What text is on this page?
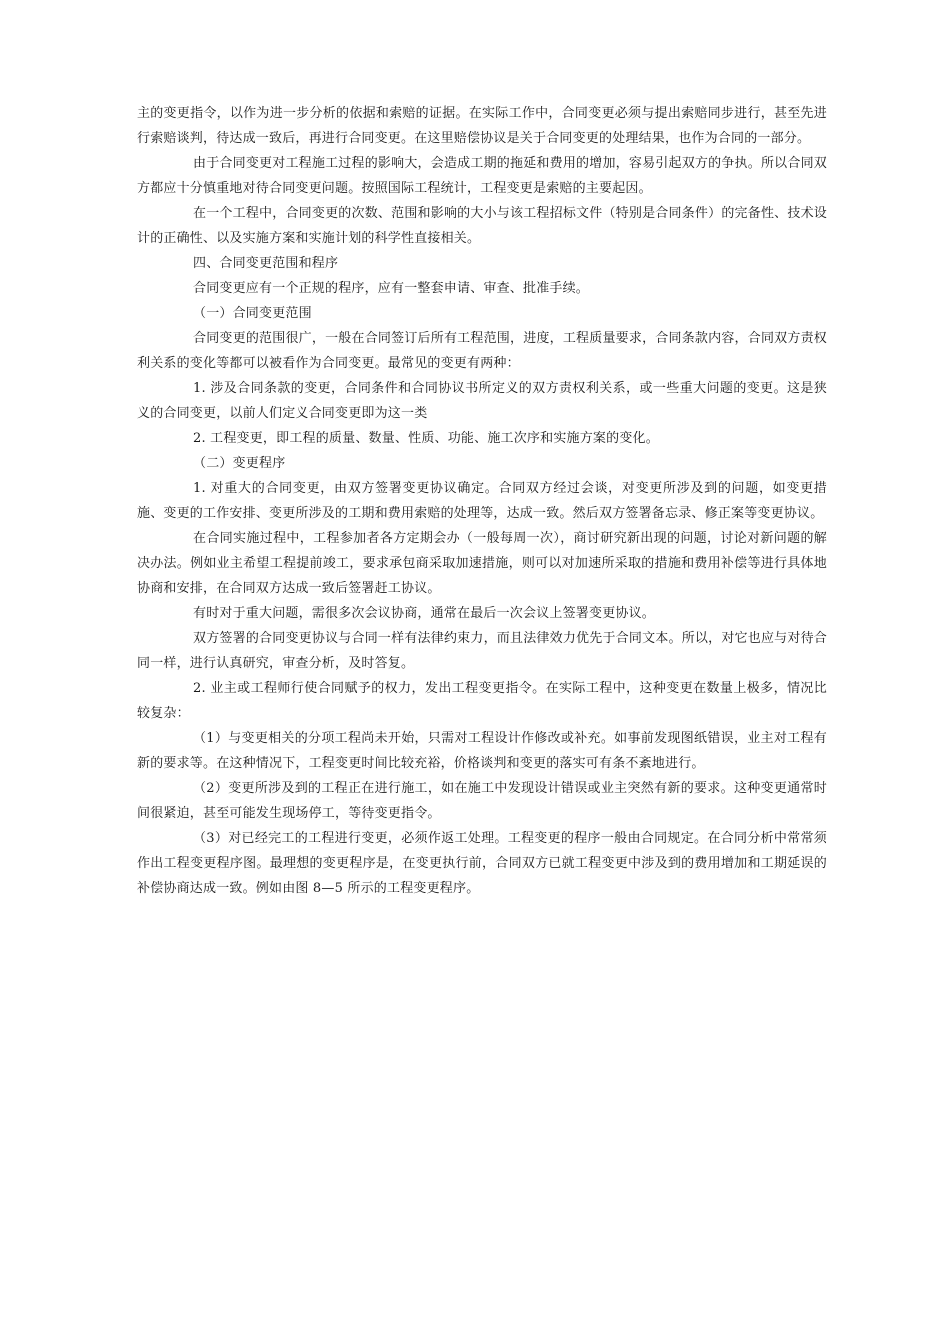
主的变更指令，以作为进一步分析的依据和索赔的证据。在实际工作中，合同变更必须与提出索赔同步进行，甚至先进行索赔谈判，待达成一致后，再进行合同变更。在这里赔偿协议是关于合同变更的处理结果，也作为合同的一部分。

由于合同变更对工程施工过程的影响大，会造成工期的拖延和费用的增加，容易引起双方的争执。所以合同双方都应十分慎重地对待合同变更问题。按照国际工程统计，工程变更是索赔的主要起因。

在一个工程中，合同变更的次数、范围和影响的大小与该工程招标文件（特别是合同条件）的完备性、技术设计的正确性、以及实施方案和实施计划的科学性直接相关。

四、合同变更范围和程序

合同变更应有一个正规的程序，应有一整套申请、审查、批准手续。

（一）合同变更范围

合同变更的范围很广，一般在合同签订后所有工程范围，进度，工程质量要求，合同条款内容，合同双方责权利关系的变化等都可以被看作为合同变更。最常见的变更有两种：

1. 涉及合同条款的变更，合同条件和合同协议书所定义的双方责权利关系，或一些重大问题的变更。这是狭义的合同变更，以前人们定义合同变更即为这一类

2. 工程变更，即工程的质量、数量、性质、功能、施工次序和实施方案的变化。

（二）变更程序

1. 对重大的合同变更，由双方签署变更协议确定。合同双方经过会谈，对变更所涉及到的问题，如变更措施、变更的工作安排、变更所涉及的工期和费用索赔的处理等，达成一致。然后双方签署备忘录、修正案等变更协议。

在合同实施过程中，工程参加者各方定期会办（一般每周一次），商讨研究新出现的问题，讨论对新问题的解决办法。例如业主希望工程提前竣工，要求承包商采取加速措施，则可以对加速所采取的措施和费用补偿等进行具体地协商和安排，在合同双方达成一致后签署赶工协议。

有时对于重大问题，需很多次会议协商，通常在最后一次会议上签署变更协议。

双方签署的合同变更协议与合同一样有法律约束力，而且法律效力优先于合同文本。所以，对它也应与对待合同一样，进行认真研究，审查分析，及时答复。

2. 业主或工程师行使合同赋予的权力，发出工程变更指令。在实际工程中，这种变更在数量上极多，情况比较复杂：

（1）与变更相关的分项工程尚未开始，只需对工程设计作修改或补充。如事前发现图纸错误，业主对工程有新的要求等。在这种情况下，工程变更时间比较充裕，价格谈判和变更的落实可有条不紊地进行。

（2）变更所涉及到的工程正在进行施工，如在施工中发现设计错误或业主突然有新的要求。这种变更通常时间很紧迫，甚至可能发生现场停工，等待变更指令。

（3）对已经完工的工程进行变更，必须作返工处理。工程变更的程序一般由合同规定。在合同分析中常常须作出工程变更程序图。最理想的变更程序是，在变更执行前，合同双方已就工程变更中涉及到的费用增加和工期延误的补偿协商达成一致。例如由图 8—5 所示的工程变更程序。
